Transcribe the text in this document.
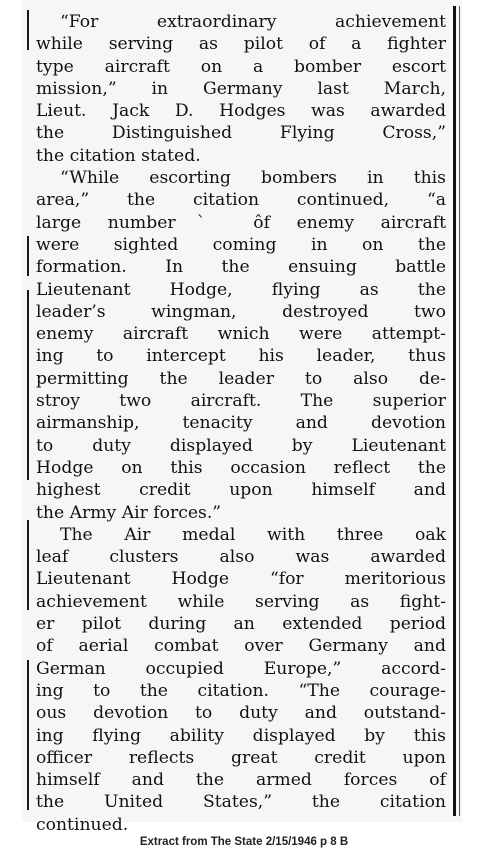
“For extraordinary achievement
while serving as pilot of a fighter
type aircraft on a bomber escort
mission,” in Germany last March,
Lieut. Jack D. Hodges was awarded
the Distinguished Flying Cross,”
the citation stated.
“While escorting bombers in this
area,” the citation continued, “a
large numberˋ ôf enemy aircraft
were sighted coming in on the
formation. In the ensuing battle
Lieutenant Hodge, flying as the
leader’s wingman, destroyed two
enemy aircraft wnich were attempt-
ing to intercept his leader, thus
permitting the leader to also de-
stroy two aircraft. The superior
airmanship, tenacity and devotion
to duty displayed by Lieutenant
Hodge on this occasion reflect the
highest credit upon himself and
the Army Air forces.”
The Air medal with three oak
leaf clusters also was awarded
Lieutenant Hodge “for meritorious
achievement while serving as fight-
er pilot during an extended period
of aerial combat over Germany and
German occupied Europe,” accord-
ing to the citation. “The courage-
ous devotion to duty and outstand-
ing flying ability displayed by this
officer reflects great credit upon
himself and the armed forces of
the United States,” the citation
continued.
Extract from The State 2/15/1946 p 8 B
